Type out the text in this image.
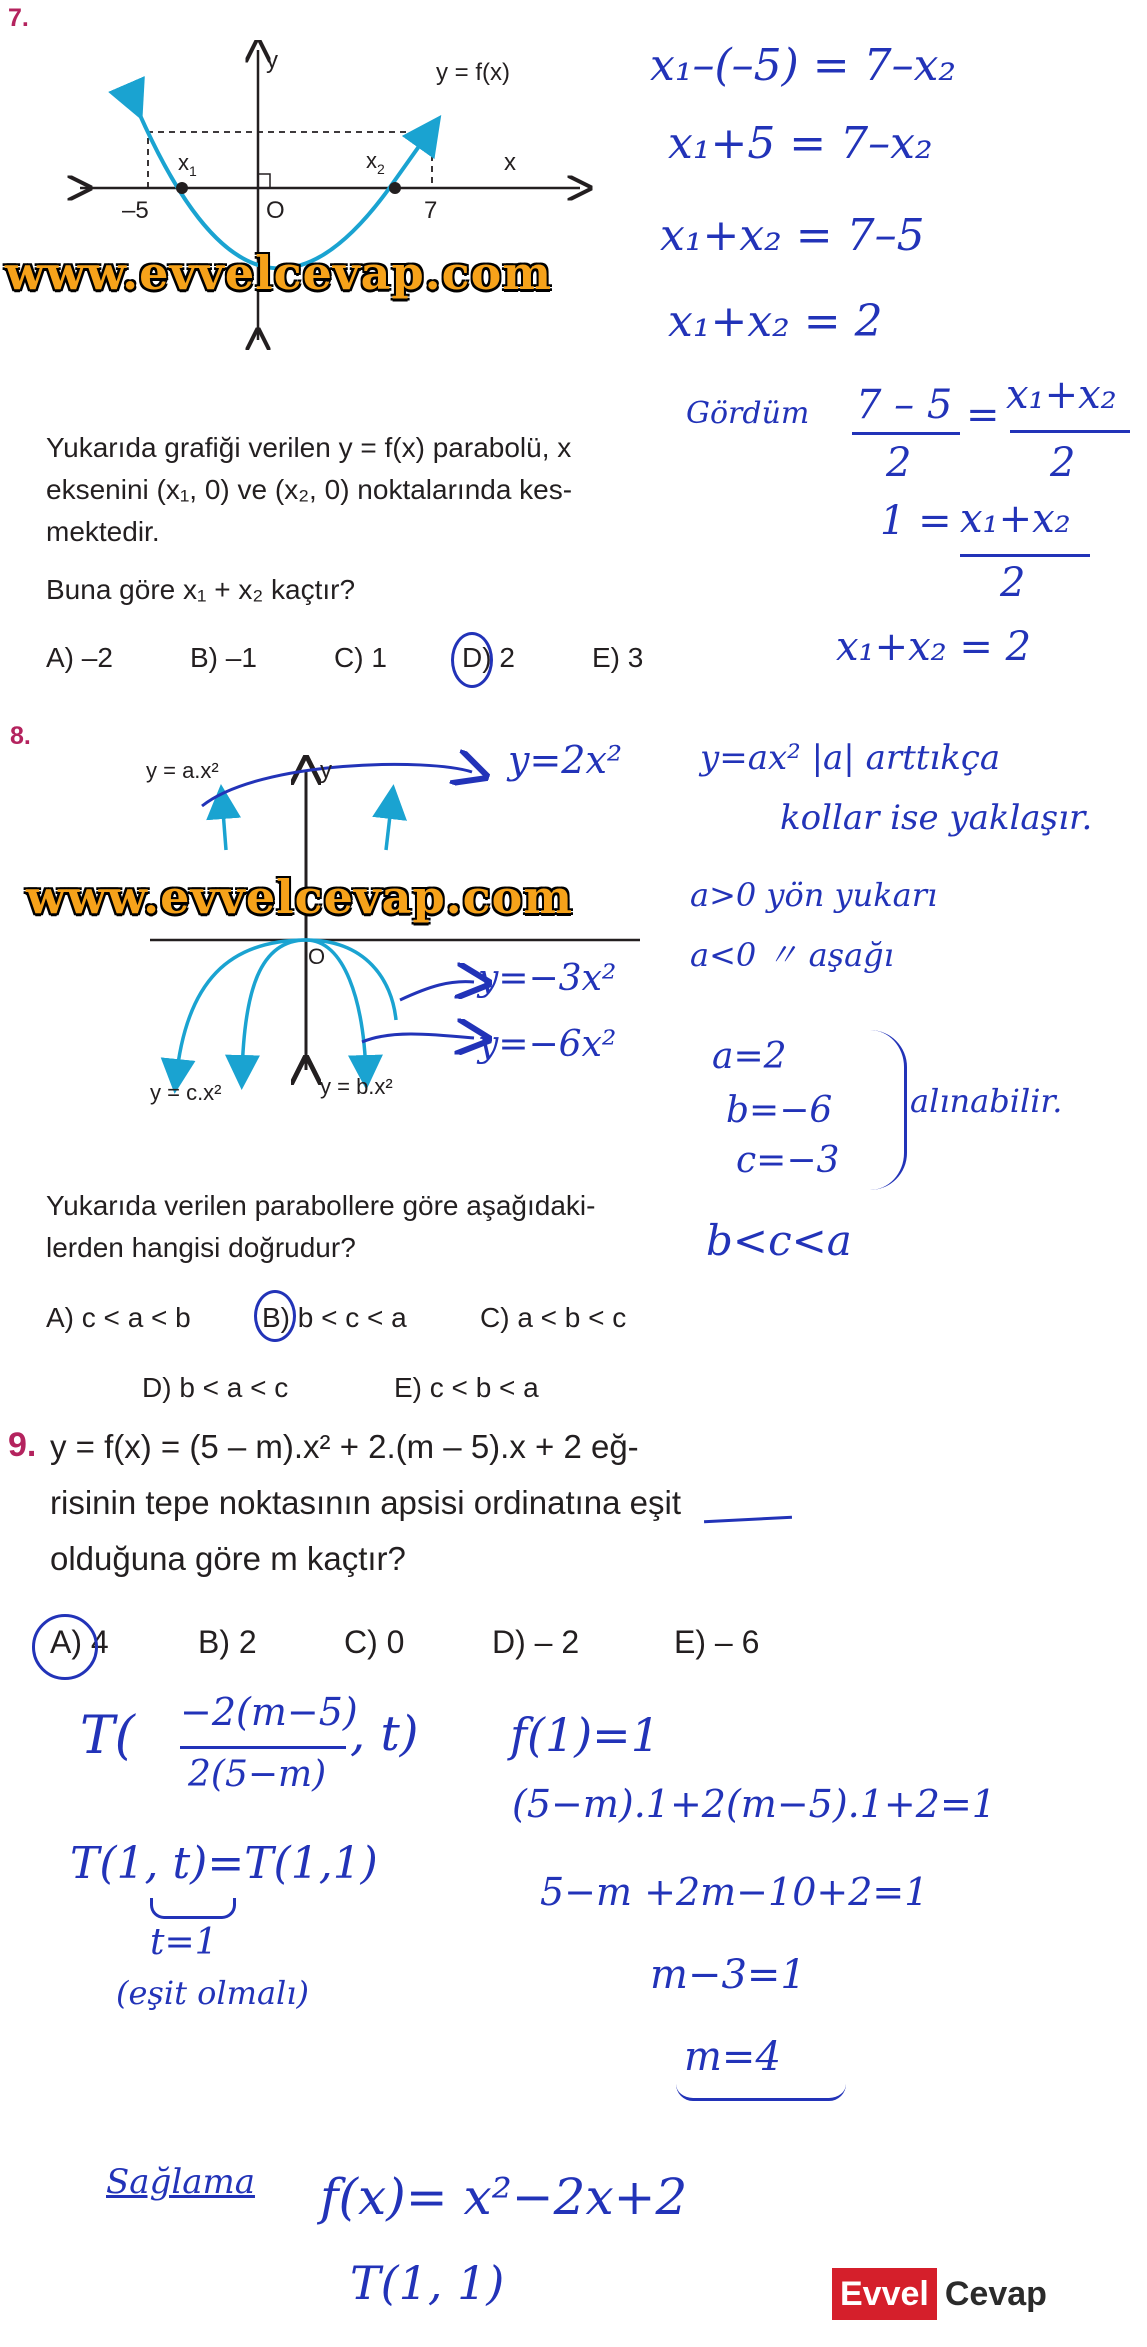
7.
y	y = f(x)
x
$x_1$	$x_2$
–5	O	7
www.evvelcevap.com
Yukarıda grafiği verilen y = f(x) parabolü, x
eksenini (x₁, 0) ve (x₂, 0) noktalarında kes-
mektedir.
Buna göre x₁ + x₂ kaçtır?
A) –2	B) –1	C) 1	D) 2	E) 3
x₁–(–5) = 7–x₂
x₁+5 = 7–x₂
x₁+x₂ = 7–5
x₁+x₂ = 2
Gördüm 7 – 5
2
= x₁+x₂
2
1 = x₁+x₂
2
x₁+x₂ = 2
8.
y = a.x²	y
O
y = c.x²	y = b.x²
www.evvelcevap.com
y=2x²
y=−3x²
y=−6x²
Yukarıda verilen parabollere göre aşağıdaki-
lerden hangisi doğrudur?
A) c < a < b	B) b < c < a	C) a < b < c
D) b < a < c	E) c < b < a
y=ax² |a| arttıkça
kollar ise yaklaşır.
a>0 yön yukarı
a<0 〃 aşağı
a=2
b=−6
c=−3
alınabilir.
b<c<a
9. y = f(x) = (5 – m).x² + 2.(m – 5).x + 2 eğ-
risinin tepe noktasının apsisi ordinatına eşit
olduğuna göre m kaçtır?
A) 4	B) 2	C) 0	D) – 2	E) – 6
T( −2(m−5)
2(5−m)
, t)
T(1, t)=T(1,1)
t=1
(eşit olmalı)
f(1)=1
(5−m).1+2(m−5).1+2=1
5−m +2m−10+2=1
m−3=1
m=4
Sağlama f(x)= x²−2x+2
T(1, 1)	Evvel Cevap
